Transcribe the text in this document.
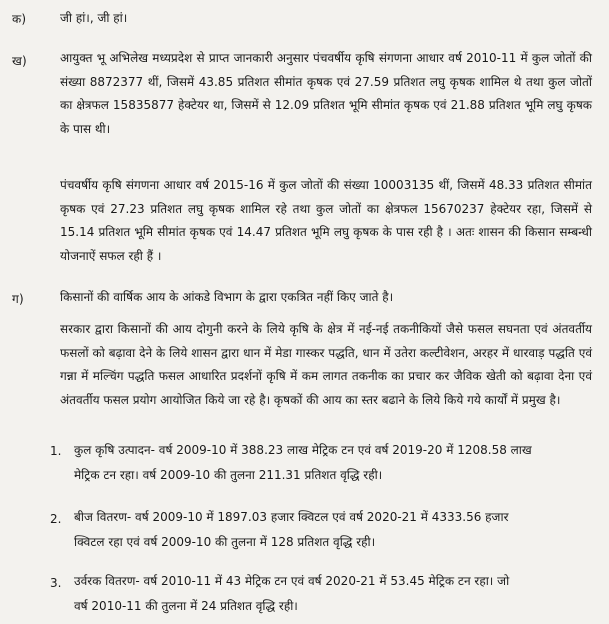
क)	जी हां।, जी हां।

ख)	आयुक्त भू अभिलेख मध्यप्रदेश से प्राप्त जानकारी अनुसार पंचवर्षीय कृषि संगणना आधार वर्ष 2010-11 में कुल जोतों की संख्या 8872377 थीं, जिसमें 43.85 प्रतिशत सीमांत कृषक एवं 27.59 प्रतिशत लघु कृषक शामिल थे तथा कुल जोतों का क्षेत्रफल 15835877 हेक्टेयर था, जिसमें से 12.09 प्रतिशत भूमि सीमांत कृषक एवं 21.88 प्रतिशत भूमि लघु कृषक के पास थी।

पंचवर्षीय कृषि संगणना आधार वर्ष 2015-16 में कुल जोतों की संख्या 10003135 थीं, जिसमें 48.33 प्रतिशत सीमांत कृषक एवं 27.23 प्रतिशत लघु कृषक शामिल रहे तथा कुल जोतों का क्षेत्रफल 15670237 हेक्टेयर रहा, जिसमें से 15.14 प्रतिशत भूमि सीमांत कृषक एवं 14.47 प्रतिशत भूमि लघु कृषक के पास रही है । अतः शासन की किसान सम्बन्धी योजनाऐं सफल रही हैं ।

ग)	किसानों की वार्षिक आय के आंकडे विभाग के द्वारा एकत्रित नहीं किए जाते है।

सरकार द्वारा किसानों की आय दोगुनी करने के लिये कृषि के क्षेत्र में नई-नई तकनीकियों जैसे फसल सघनता एवं अंतवर्तीय फसलों को बढ़ावा देने के लिये शासन द्वारा धान में मेडा गास्कर पद्धति, धान में उतेरा कल्टीवेशन, अरहर में धारवाड़ पद्धति एवं गन्ना में मल्चिंग पद्धति फसल आधारित प्रदर्शनों कृषि में कम लागत तकनीक का प्रचार कर जैविक खेती को बढ़ावा देना एवं अंतवर्तीय फसल प्रयोग आयोजित किये जा रहे है। कृषकों की आय का स्तर बढाने के लिये किये गये कार्यों में प्रमुख है।

1. कुल कृषि उत्पादन- वर्ष 2009-10 में 388.23 लाख मेट्रिक टन एवं वर्ष 2019-20 में 1208.58 लाख
मेट्रिक टन रहा। वर्ष 2009-10 की तुलना 211.31 प्रतिशत वृद्धि रही।
2. बीज वितरण- वर्ष 2009-10 में 1897.03 हजार क्विटल एवं वर्ष 2020-21 में 4333.56 हजार
क्विटल रहा एवं वर्ष 2009-10 की तुलना में 128 प्रतिशत वृद्धि रही।
3. उर्वरक वितरण- वर्ष 2010-11 में 43 मेट्रिक टन एवं वर्ष 2020-21 में 53.45 मेट्रिक टन रहा। जो
वर्ष 2010-11 की तुलना में 24 प्रतिशत वृद्धि रही।
